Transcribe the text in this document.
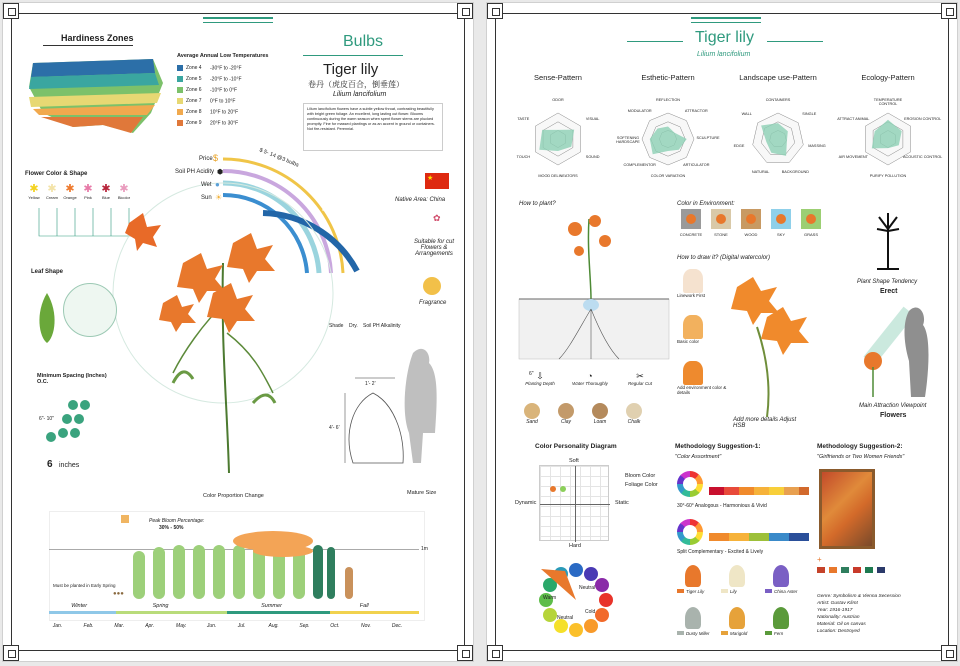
Hardiness Zones
Average Annual Low Temperatures
Zone 4 -30°F to -20°F
Zone 5 -20°F to -10°F
Zone 6 -10°F to 0°F
Zone 7 0°F to 10°F
Zone 8 10°F to 20°F
Zone 9 20°F to 30°F
Bulbs
Tiger lily
卷丹（虎皮百合，倒垂莲）
Lilium lancifolium
Lilium lancifolium flowers have a subtle yellow throat, contrasting beautifully with bright green foliage. An excellent, long lasting cut flower. Blooms continuously during the warm season when spent flower stems are plucked promptly. Fine for massed plantings or as an accent in ground or containers. Not fire-resistant. Perennial.
Flower Color & Shape
✱
Yellow
✱
Cream
✱
Orange
✱
Pink
✱
Blue
✱
Bicolor
Price $
Soil PH Acidity
Wet
Sun
⬢
●
☀
$ 5- 14 @3 bulbs
High Tolerance
Shade Dry. Soil PH Alkalinity
★
Native Area: China
✿
Suitable for cut Flowers & Arrangements
Fragrance
Leaf Shape
Minimum Spacing (Inches) O.C.
6"- 10"
6 inches
Color Proportion Change
1'- 2'
4'- 6'
Mature Size
Peak Bloom Percentage:
30% - 50%
1m
Must be planted in Early Spring
●●●
Winter	Spring	Summer	Fall
Jan.	Feb.	Mar.	Apr.	May.	Jun.	Jul.	Aug.	Sep.	Oct.	Nov.	Dec.
Tiger lily
Lilium lancifolium
Sense-Pattern
ODOR
VISUAL
SOUND
MOOD DELINEATORS
TOUCH
TASTE
Esthetic-Pattern
REFLECTION
ATTRACTOR
SCULPTURE
ARTICULATOR
COLOR VARIATION
COMPLEMENTOR
SOFTENING HARDSCAPE
MODULATOR
Landscape use-Pattern
CONTAINERS
SINGLE
MASSING
BACKGROUND
NATURAL
EDGE
WALL
Ecology-Pattern
TEMPERATURE CONTROL
EROSION CONTROL
ACOUSTIC CONTROL
PURIFY POLLUTION
AIR MOVEMENT
ATTRACT ANIMAL
How to plant?
⇩
Planting Depth
◔
Water Thoroughly
✂
Regular Cut
6"
Sand	Clay	Loam	Chalk
Color in Environment:
CONCRETE	STONE	WOOD	SKY	GRASS
How to draw it? (Digital watercolor)
Linework First
Basic color
Add environment color & details
Add more details Adjust HSB
Plant Shape Tendency
Erect
Main Attraction Viewpoint
Flowers
Color Personality Diagram
Soft
Hard
Dynamic	Static
Bloom Color
Foliage Color
Warm
Cold
Neutral
Neutral
Methodology Suggestion-1:
"Color Assortment"
30°-60° Analogous - Harmonious & Vivid
Split Complementary - Excited & Lively
Tiger Lily	Lily	China Aster
Dusty Miller	Marigold	Fern
Methodology Suggestion-2:
"Girlfriends or Two Women Friends"
+
Genre: Symbolism & Vienna Secession
Artist: Gustav Klimt
Year: 1916-1917
Nationality: Austrian
Material: Oil on canvas
Location: Destroyed
